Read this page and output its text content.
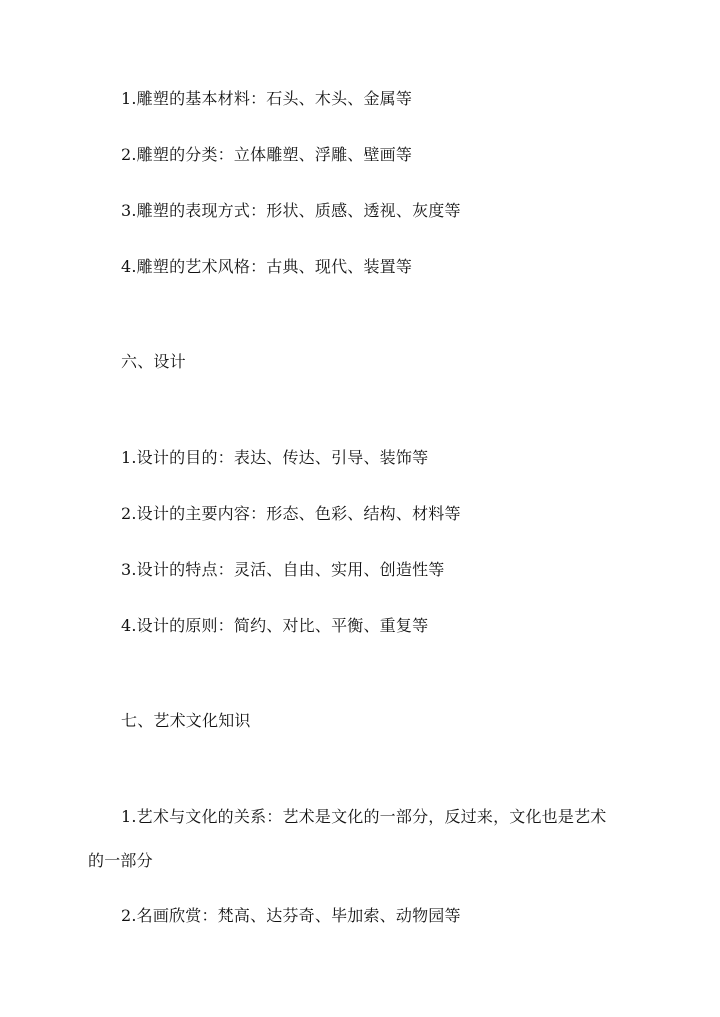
1.雕塑的基本材料：石头、木头、金属等
2.雕塑的分类：立体雕塑、浮雕、壁画等
3.雕塑的表现方式：形状、质感、透视、灰度等
4.雕塑的艺术风格：古典、现代、装置等
六、设计
1.设计的目的：表达、传达、引导、装饰等
2.设计的主要内容：形态、色彩、结构、材料等
3.设计的特点：灵活、自由、实用、创造性等
4.设计的原则：简约、对比、平衡、重复等
七、艺术文化知识
1.艺术与文化的关系：艺术是文化的一部分，反过来，文化也是艺术
的一部分
2.名画欣赏：梵高、达芬奇、毕加索、动物园等
